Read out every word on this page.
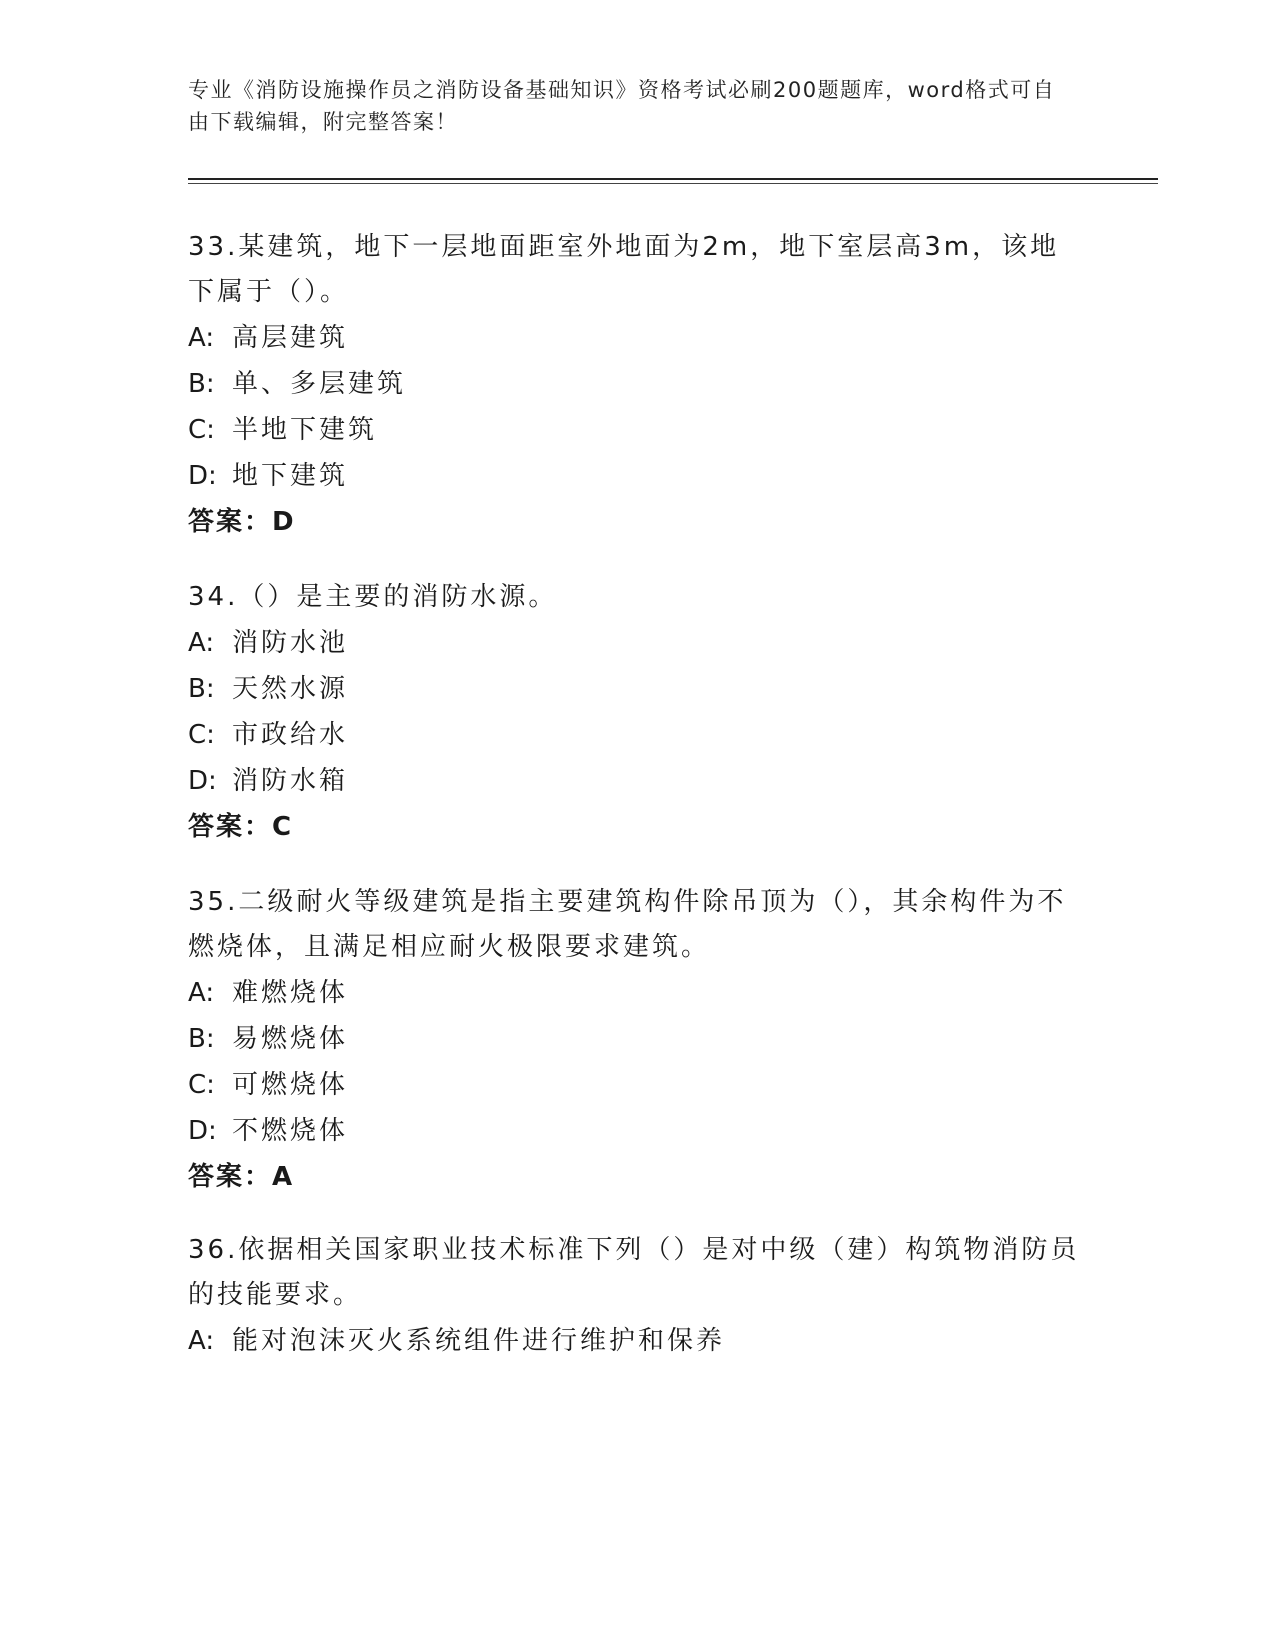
专业《消防设施操作员之消防设备基础知识》资格考试必刷200题题库，word格式可自由下载编辑，附完整答案！

33.某建筑，地下一层地面距室外地面为2m，地下室层高3m，该地下属于（）。

A: 高层建筑

B: 单、多层建筑

C: 半地下建筑

D: 地下建筑

答案：D

34.（）是主要的消防水源。

A: 消防水池

B: 天然水源

C: 市政给水

D: 消防水箱

答案：C

35.二级耐火等级建筑是指主要建筑构件除吊顶为（），其余构件为不燃烧体，且满足相应耐火极限要求建筑。

A: 难燃烧体

B: 易燃烧体

C: 可燃烧体

D: 不燃烧体

答案：A

36.依据相关国家职业技术标准下列（）是对中级（建）构筑物消防员的技能要求。

A: 能对泡沫灭火系统组件进行维护和保养
